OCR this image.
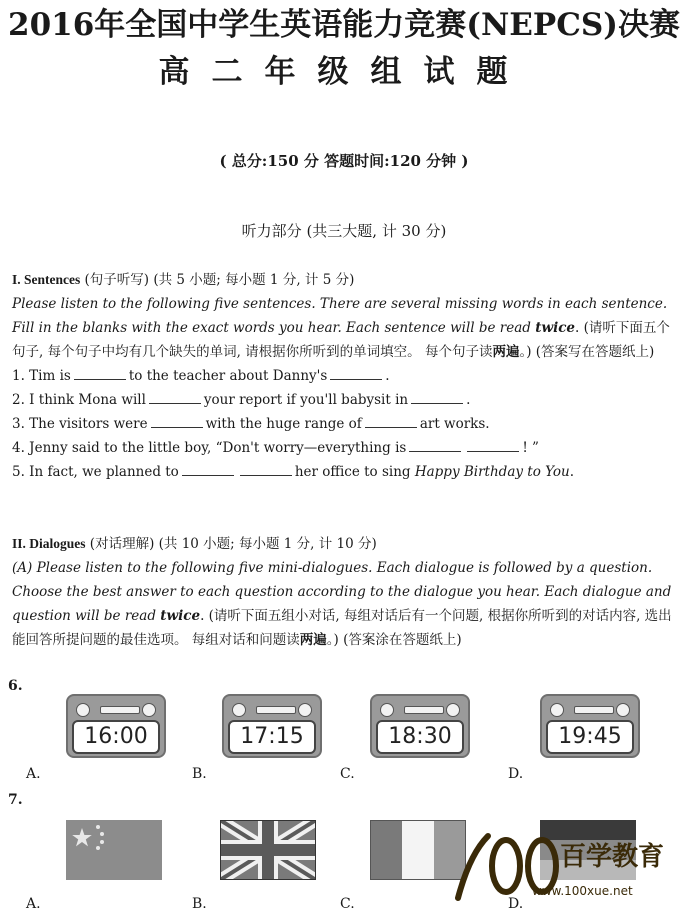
2016年全国中学生英语能力竞赛(NEPCS)决赛
高二年级组试题
( 总分:150 分 答题时间:120 分钟 )
听力部分 (共三大题, 计 30 分)

I. Sentences (句子听写) (共 5 小题; 每小题 1 分, 计 5 分)

Please listen to the following five sentences. There are several missing words in each sentence. Fill in the blanks with the exact words you hear. Each sentence will be read twice. (请听下面五个句子, 每个句子中均有几个缺失的单词, 请根据你所听到的单词填空。 每个句子读两遍。) (答案写在答题纸上)

1. Tim is	to the teacher about Danny's	.

2. I think Mona will	your report if you'll babysit in	.

3. The visitors were	with the huge range of	art works.

4. Jenny said to the little boy, “Don't worry—everything is	! ”

5. In fact, we planned to	her office to sing Happy Birthday to You.

II. Dialogues (对话理解) (共 10 小题; 每小题 1 分, 计 10 分)

(A) Please listen to the following five mini-dialogues. Each dialogue is followed by a question. Choose the best answer to each question according to the dialogue you hear. Each dialogue and question will be read twice. (请听下面五组小对话, 每组对话后有一个问题, 根据你所听到的对话内容, 选出能回答所提问题的最佳选项。 每组对话和问题读两遍。) (答案涂在答题纸上)

6.
16:00	17:15	18:30	19:45
A.	B.	C.	D.
7.
A.	B.	C.	D.
百学教育
www.100xue.net
